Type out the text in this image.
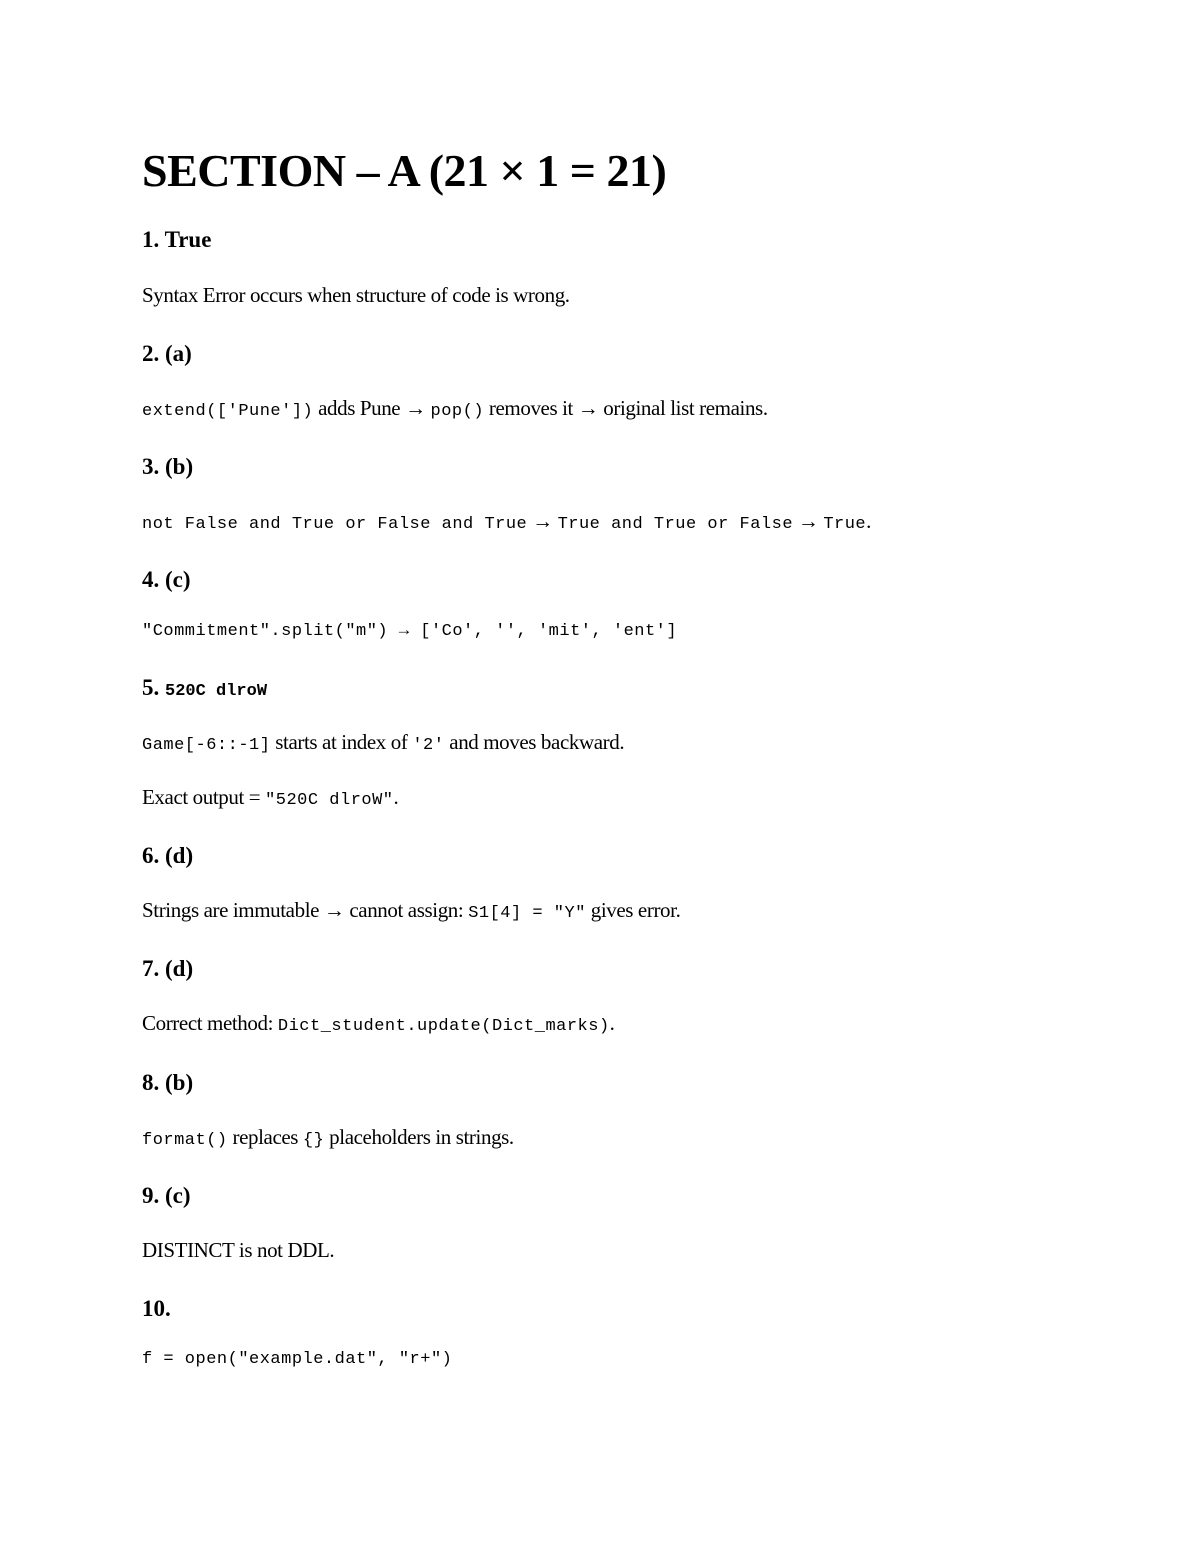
SECTION – A (21 × 1 = 21)
1. True
Syntax Error occurs when structure of code is wrong.
2. (a)
extend(['Pune']) adds Pune → pop() removes it → original list remains.
3. (b)
not False and True or False and True → True and True or False → True.
4. (c)
"Commitment".split("m") → ['Co', '', 'mit', 'ent']
5. 520C dlroW
Game[-6::-1] starts at index of '2' and moves backward.
Exact output = "520C dlroW".
6. (d)
Strings are immutable → cannot assign: S1[4] = "Y" gives error.
7. (d)
Correct method: Dict_student.update(Dict_marks).
8. (b)
format() replaces {} placeholders in strings.
9. (c)
DISTINCT is not DDL.
10.
f = open("example.dat", "r+")
